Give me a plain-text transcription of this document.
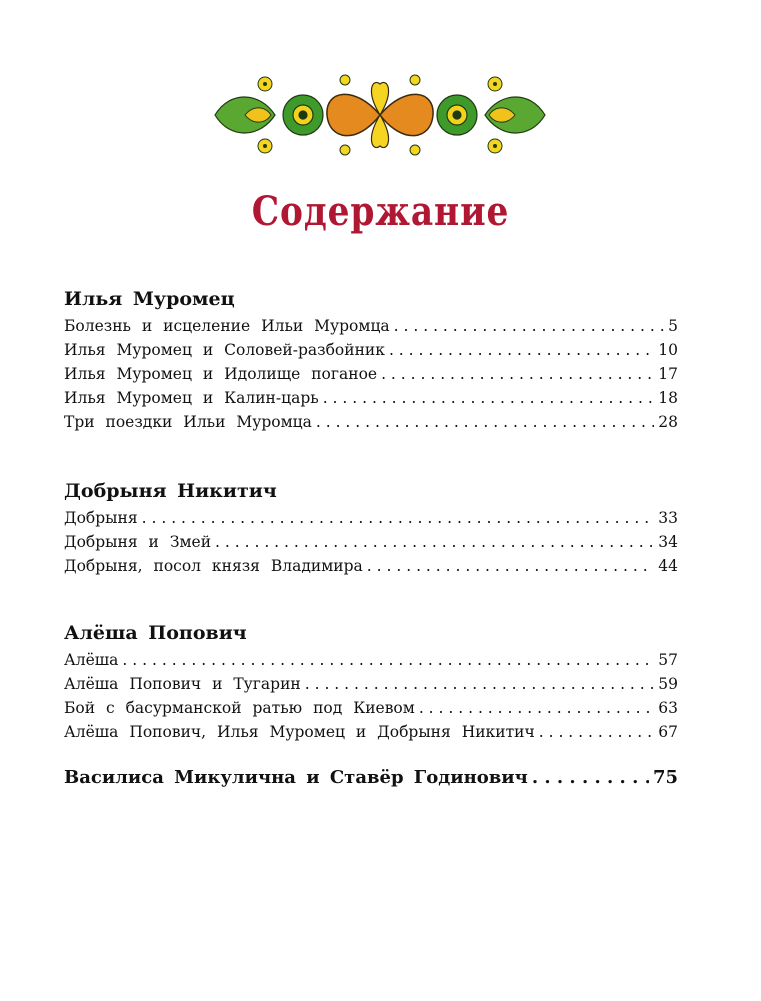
Содержание
Илья Муромец
Болезнь и исцеление Ильи Муромца . . .	5
Илья Муромец и Соловей-разбойник . . .	10
Илья Муромец и Идолище поганое . . .	17
Илья Муромец и Калин-царь . . .	18
Три поездки Ильи Муромца . . .	28
Добрыня Никитич
Добрыня . . .	33
Добрыня и Змей . . .	34
Добрыня, посол князя Владимира . . .	44
Алёша Попович
Алёша . . .	57
Алёша Попович и Тугарин . . .	59
Бой с басурманской ратью под Киевом . . .	63
Алёша Попович, Илья Муромец и Добрыня Никитич . . .	67
Василиса Микулична и Ставёр Годинович . . .	75
